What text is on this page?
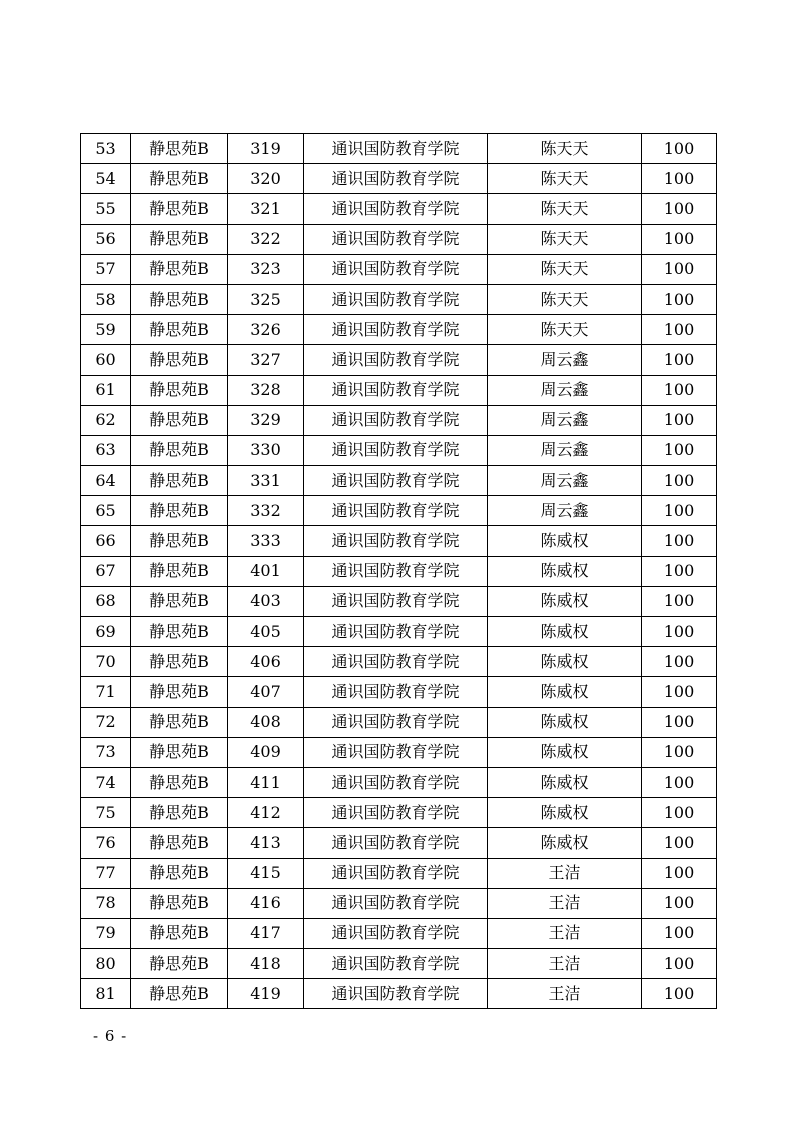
53	静思苑B	319	通识国防教育学院	陈天天	100
54	静思苑B	320	通识国防教育学院	陈天天	100
55	静思苑B	321	通识国防教育学院	陈天天	100
56	静思苑B	322	通识国防教育学院	陈天天	100
57	静思苑B	323	通识国防教育学院	陈天天	100
58	静思苑B	325	通识国防教育学院	陈天天	100
59	静思苑B	326	通识国防教育学院	陈天天	100
60	静思苑B	327	通识国防教育学院	周云鑫	100
61	静思苑B	328	通识国防教育学院	周云鑫	100
62	静思苑B	329	通识国防教育学院	周云鑫	100
63	静思苑B	330	通识国防教育学院	周云鑫	100
64	静思苑B	331	通识国防教育学院	周云鑫	100
65	静思苑B	332	通识国防教育学院	周云鑫	100
66	静思苑B	333	通识国防教育学院	陈威权	100
67	静思苑B	401	通识国防教育学院	陈威权	100
68	静思苑B	403	通识国防教育学院	陈威权	100
69	静思苑B	405	通识国防教育学院	陈威权	100
70	静思苑B	406	通识国防教育学院	陈威权	100
71	静思苑B	407	通识国防教育学院	陈威权	100
72	静思苑B	408	通识国防教育学院	陈威权	100
73	静思苑B	409	通识国防教育学院	陈威权	100
74	静思苑B	411	通识国防教育学院	陈威权	100
75	静思苑B	412	通识国防教育学院	陈威权	100
76	静思苑B	413	通识国防教育学院	陈威权	100
77	静思苑B	415	通识国防教育学院	王洁	100
78	静思苑B	416	通识国防教育学院	王洁	100
79	静思苑B	417	通识国防教育学院	王洁	100
80	静思苑B	418	通识国防教育学院	王洁	100
81	静思苑B	419	通识国防教育学院	王洁	100
- 6 -
